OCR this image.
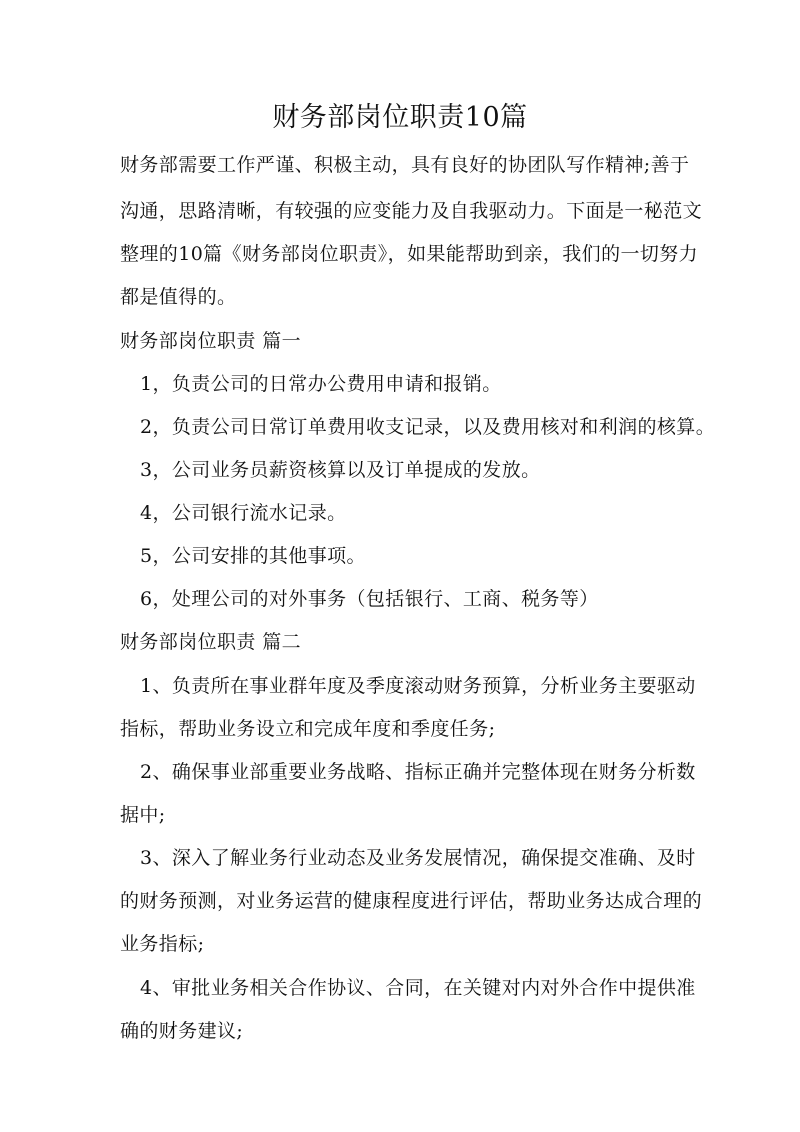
财务部岗位职责10篇
财务部需要工作严谨、积极主动，具有良好的协团队写作精神;善于
沟通，思路清晰，有较强的应变能力及自我驱动力。下面是一秘范文
整理的10篇《财务部岗位职责》，如果能帮助到亲，我们的一切努力
都是值得的。
财务部岗位职责 篇一
1，负责公司的日常办公费用申请和报销。
2，负责公司日常订单费用收支记录，以及费用核对和利润的核算。
3，公司业务员薪资核算以及订单提成的发放。
4，公司银行流水记录。
5，公司安排的其他事项。
6，处理公司的对外事务（包括银行、工商、税务等）
财务部岗位职责 篇二
1、负责所在事业群年度及季度滚动财务预算，分析业务主要驱动
指标，帮助业务设立和完成年度和季度任务;
2、确保事业部重要业务战略、指标正确并完整体现在财务分析数
据中;
3、深入了解业务行业动态及业务发展情况，确保提交准确、及时
的财务预测，对业务运营的健康程度进行评估，帮助业务达成合理的
业务指标;
4、审批业务相关合作协议、合同，在关键对内对外合作中提供准
确的财务建议;
